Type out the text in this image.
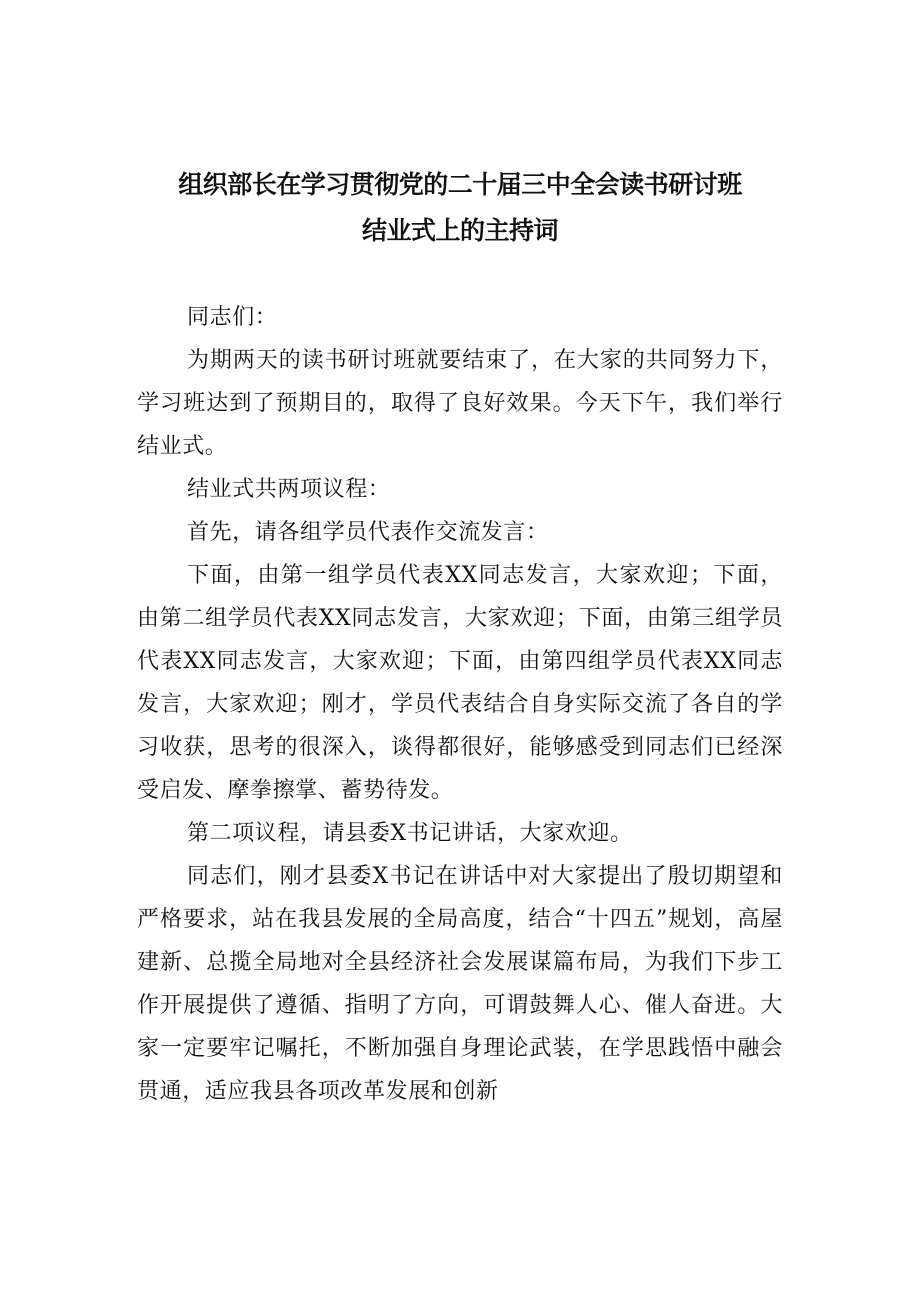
组织部长在学习贯彻党的二十届三中全会读书研讨班
结业式上的主持词

同志们：

为期两天的读书研讨班就要结束了，在大家的共同努力下，学习班达到了预期目的，取得了良好效果。今天下午，我们举行结业式。

结业式共两项议程：

首先，请各组学员代表作交流发言：

下面，由第一组学员代表XX同志发言，大家欢迎；下面，由第二组学员代表XX同志发言，大家欢迎；下面，由第三组学员代表XX同志发言，大家欢迎；下面，由第四组学员代表XX同志发言，大家欢迎；刚才，学员代表结合自身实际交流了各自的学习收获，思考的很深入，谈得都很好，能够感受到同志们已经深受启发、摩拳擦掌、蓄势待发。

第二项议程，请县委X书记讲话，大家欢迎。

同志们，刚才县委X书记在讲话中对大家提出了殷切期望和严格要求，站在我县发展的全局高度，结合“十四五”规划，高屋建新、总揽全局地对全县经济社会发展谋篇布局，为我们下步工作开展提供了遵循、指明了方向，可谓鼓舞人心、催人奋进。大家一定要牢记嘱托，不断加强自身理论武装，在学思践悟中融会贯通，适应我县各项改革发展和创新
